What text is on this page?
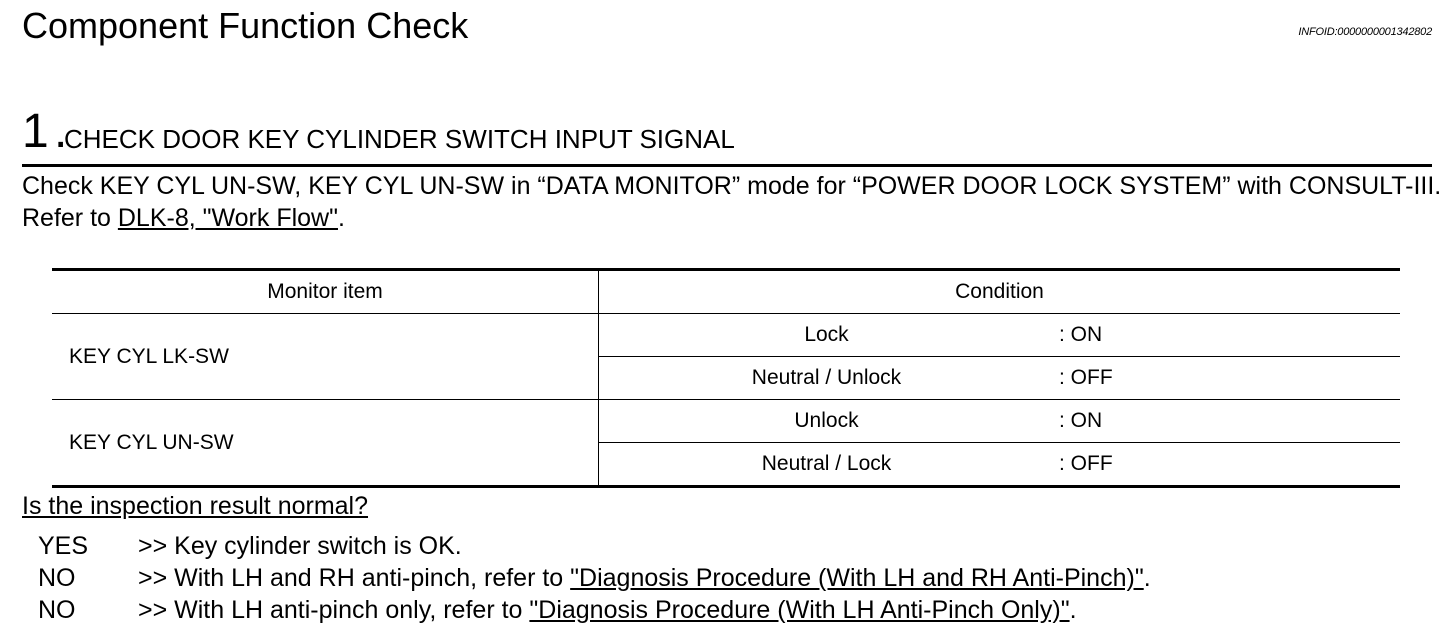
Component Function Check	INFOID:0000000001342802
1 .
CHECK DOOR KEY CYLINDER SWITCH INPUT SIGNAL
Check KEY CYL UN-SW, KEY CYL UN-SW in “DATA MONITOR” mode for “POWER DOOR LOCK SYSTEM” with CONSULT-III. Refer to DLK-8, "Work Flow".
Monitor item	Condition
KEY CYL LK-SW	Lock : ON

	Neutral / Unlock : OFF

KEY CYL UN-SW	Unlock : ON

	Neutral / Lock : OFF
Is the inspection result normal?
YES >> Key cylinder switch is OK.
NO	>> With LH and RH anti-pinch, refer to "Diagnosis Procedure (With LH and RH Anti-Pinch)".
NO	>> With LH anti-pinch only, refer to "Diagnosis Procedure (With LH Anti-Pinch Only)".
